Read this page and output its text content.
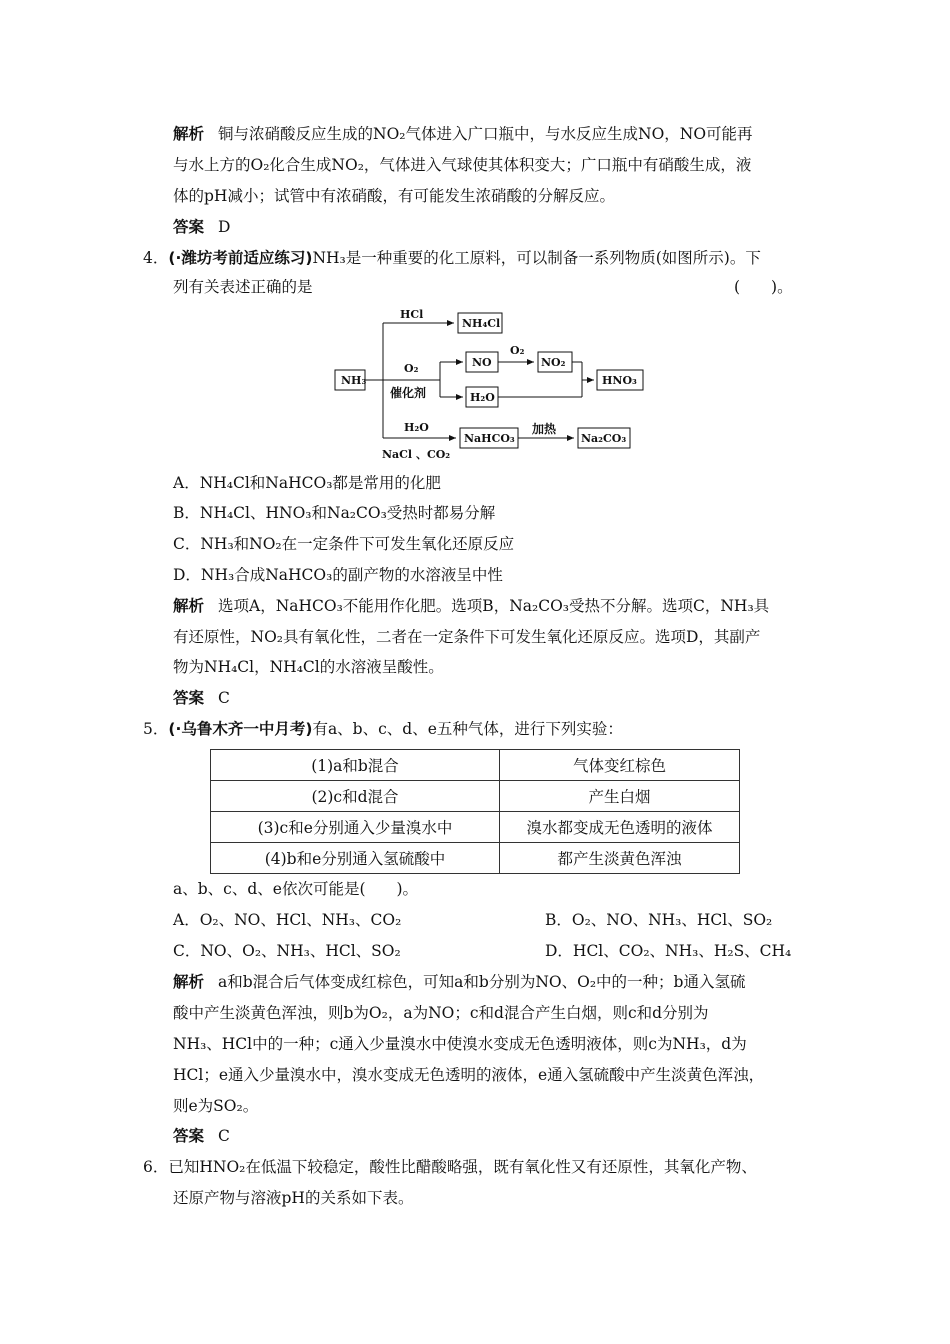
解析 铜与浓硝酸反应生成的NO₂气体进入广口瓶中，与水反应生成NO，NO可能再
与水上方的O₂化合生成NO₂，气体进入气球使其体积变大；广口瓶中有硝酸生成，液
体的pH减小；试管中有浓硝酸，有可能发生浓硝酸的分解反应。
答案 D
4．(·潍坊考前适应练习)NH₃是一种重要的化工原料，可以制备一系列物质(如图所示)。下
列有关表述正确的是	(　　)。
NH₃
HCl
NH₄Cl
O₂
催化剂
NO
O₂
NO₂
H₂O
HNO₃
H₂O
NaCl 、CO₂
NaHCO₃
加热
Na₂CO₃
A．NH₄Cl和NaHCO₃都是常用的化肥
B．NH₄Cl、HNO₃和Na₂CO₃受热时都易分解
C．NH₃和NO₂在一定条件下可发生氧化还原反应
D．NH₃合成NaHCO₃的副产物的水溶液呈中性
解析 选项A，NaHCO₃不能用作化肥。选项B，Na₂CO₃受热不分解。选项C，NH₃具
有还原性，NO₂具有氧化性，二者在一定条件下可发生氧化还原反应。选项D，其副产
物为NH₄Cl，NH₄Cl的水溶液呈酸性。
答案 C
5．(·乌鲁木齐一中月考)有a、b、c、d、e五种气体，进行下列实验：
(1)a和b混合	气体变红棕色
(2)c和d混合	产生白烟
(3)c和e分别通入少量溴水中	溴水都变成无色透明的液体
(4)b和e分别通入氢硫酸中	都产生淡黄色浑浊
a、b、c、d、e依次可能是(　　)。
A．O₂、NO、HCl、NH₃、CO₂	B．O₂、NO、NH₃、HCl、SO₂
C．NO、O₂、NH₃、HCl、SO₂	D．HCl、CO₂、NH₃、H₂S、CH₄
解析 a和b混合后气体变成红棕色，可知a和b分别为NO、O₂中的一种；b通入氢硫
酸中产生淡黄色浑浊，则b为O₂，a为NO；c和d混合产生白烟，则c和d分别为
NH₃、HCl中的一种；c通入少量溴水中使溴水变成无色透明液体，则c为NH₃，d为
HCl；e通入少量溴水中，溴水变成无色透明的液体，e通入氢硫酸中产生淡黄色浑浊，
则e为SO₂。
答案 C
6．已知HNO₂在低温下较稳定，酸性比醋酸略强，既有氧化性又有还原性，其氧化产物、
还原产物与溶液pH的关系如下表。
